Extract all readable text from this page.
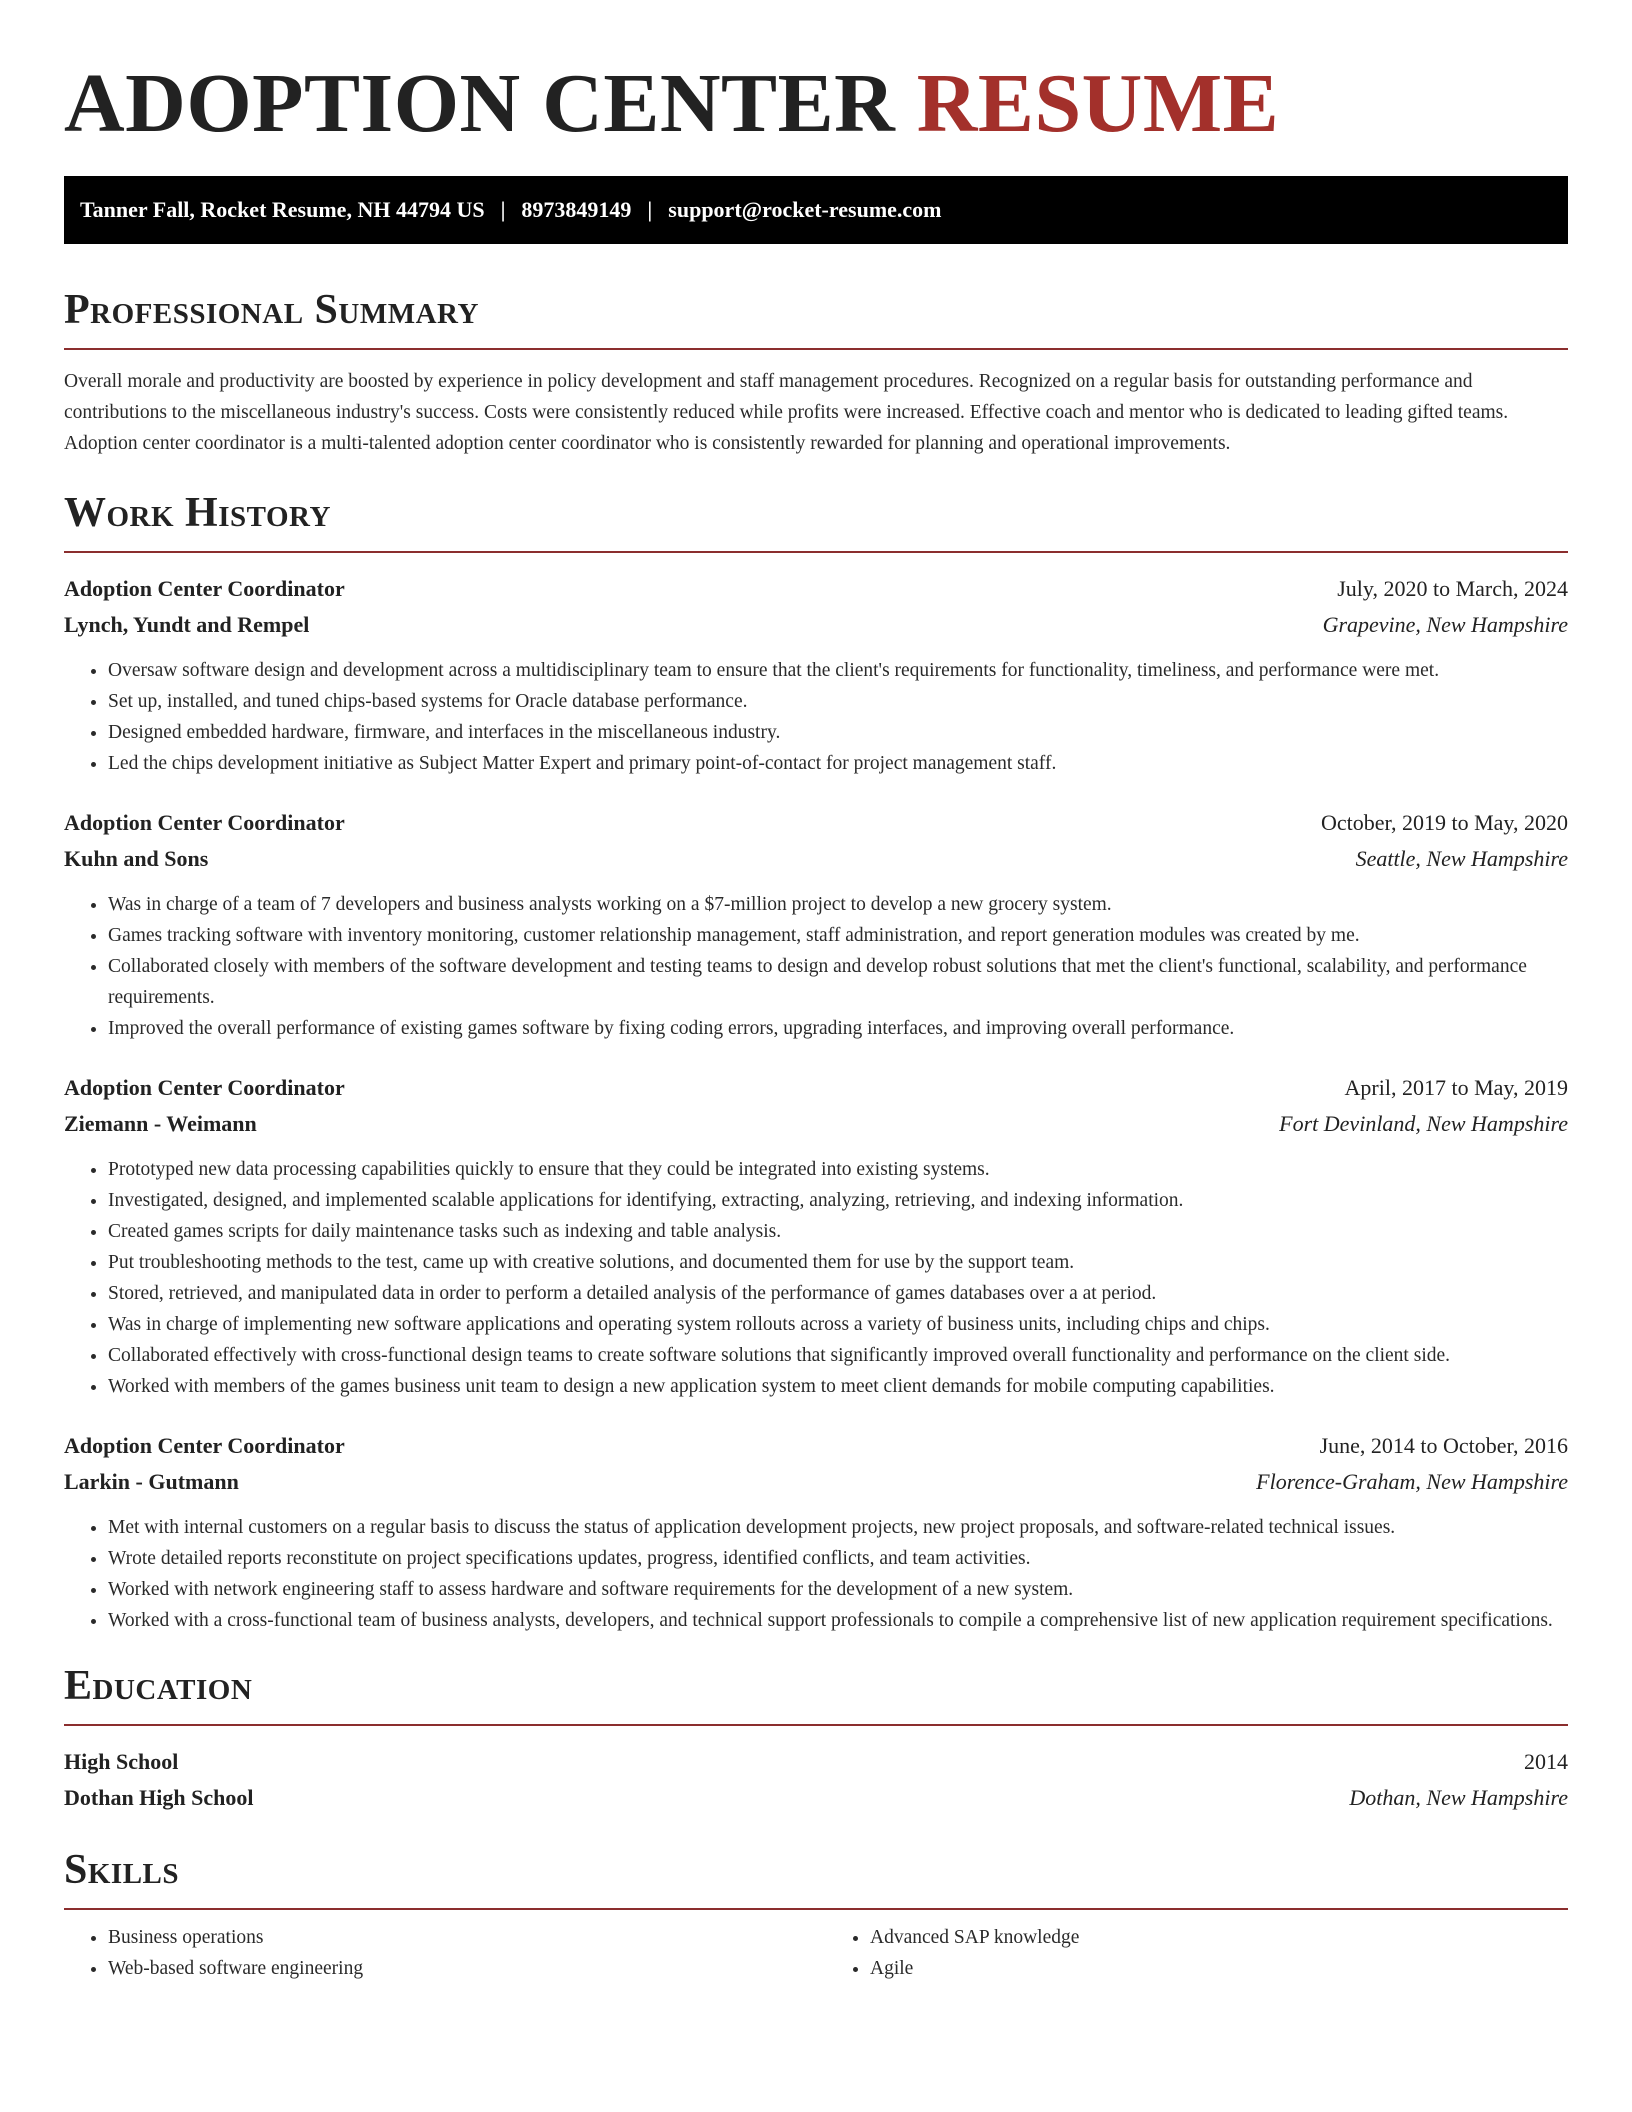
ADOPTION CENTER RESUME
Tanner Fall, Rocket Resume, NH 44794 US | 8973849149 | support@rocket-resume.com
Professional Summary

Overall morale and productivity are boosted by experience in policy development and staff management procedures. Recognized on a regular basis for outstanding performance and contributions to the miscellaneous industry's success. Costs were consistently reduced while profits were increased. Effective coach and mentor who is dedicated to leading gifted teams. Adoption center coordinator is a multi-talented adoption center coordinator who is consistently rewarded for planning and operational improvements.

Work History
Adoption Center Coordinator	July, 2020 to March, 2024
Lynch, Yundt and Rempel	Grapevine, New Hampshire
• Oversaw software design and development across a multidisciplinary team to ensure that the client's requirements for functionality, timeliness, and performance were met.
• Set up, installed, and tuned chips-based systems for Oracle database performance.
• Designed embedded hardware, firmware, and interfaces in the miscellaneous industry.
• Led the chips development initiative as Subject Matter Expert and primary point-of-contact for project management staff.
Adoption Center Coordinator	October, 2019 to May, 2020
Kuhn and Sons	Seattle, New Hampshire
• Was in charge of a team of 7 developers and business analysts working on a $7-million project to develop a new grocery system.
• Games tracking software with inventory monitoring, customer relationship management, staff administration, and report generation modules was created by me.
• Collaborated closely with members of the software development and testing teams to design and develop robust solutions that met the client's functional, scalability, and performance requirements.
• Improved the overall performance of existing games software by fixing coding errors, upgrading interfaces, and improving overall performance.
Adoption Center Coordinator	April, 2017 to May, 2019
Ziemann - Weimann	Fort Devinland, New Hampshire
• Prototyped new data processing capabilities quickly to ensure that they could be integrated into existing systems.
• Investigated, designed, and implemented scalable applications for identifying, extracting, analyzing, retrieving, and indexing information.
• Created games scripts for daily maintenance tasks such as indexing and table analysis.
• Put troubleshooting methods to the test, came up with creative solutions, and documented them for use by the support team.
• Stored, retrieved, and manipulated data in order to perform a detailed analysis of the performance of games databases over a at period.
• Was in charge of implementing new software applications and operating system rollouts across a variety of business units, including chips and chips.
• Collaborated effectively with cross-functional design teams to create software solutions that significantly improved overall functionality and performance on the client side.
• Worked with members of the games business unit team to design a new application system to meet client demands for mobile computing capabilities.
Adoption Center Coordinator	June, 2014 to October, 2016
Larkin - Gutmann	Florence-Graham, New Hampshire
• Met with internal customers on a regular basis to discuss the status of application development projects, new project proposals, and software-related technical issues.
• Wrote detailed reports reconstitute on project specifications updates, progress, identified conflicts, and team activities.
• Worked with network engineering staff to assess hardware and software requirements for the development of a new system.
• Worked with a cross-functional team of business analysts, developers, and technical support professionals to compile a comprehensive list of new application requirement specifications.
Education
High School	2014
Dothan High School	Dothan, New Hampshire
Skills
• Business operations
• Web-based software engineering
• Advanced SAP knowledge
• Agile
